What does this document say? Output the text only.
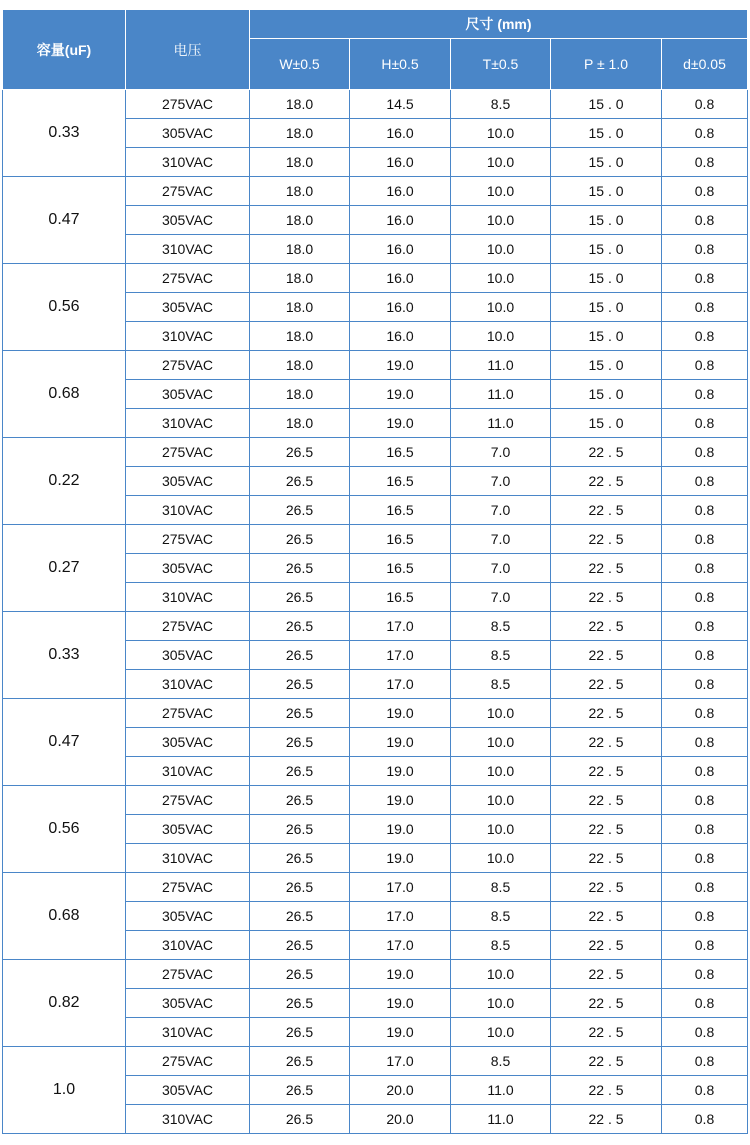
容量(uF)	电压	尺寸 (mm)				
		W±0.5	H±0.5	T±0.5	P ± 1.0	d±0.05
0.33	275VAC	18.0	14.5	8.5	15 . 0	0.8
	305VAC	18.0	16.0	10.0	15 . 0	0.8
	310VAC	18.0	16.0	10.0	15 . 0	0.8
0.47	275VAC	18.0	16.0	10.0	15 . 0	0.8
	305VAC	18.0	16.0	10.0	15 . 0	0.8
	310VAC	18.0	16.0	10.0	15 . 0	0.8
0.56	275VAC	18.0	16.0	10.0	15 . 0	0.8
	305VAC	18.0	16.0	10.0	15 . 0	0.8
	310VAC	18.0	16.0	10.0	15 . 0	0.8
0.68	275VAC	18.0	19.0	11.0	15 . 0	0.8
	305VAC	18.0	19.0	11.0	15 . 0	0.8
	310VAC	18.0	19.0	11.0	15 . 0	0.8
0.22	275VAC	26.5	16.5	7.0	22 . 5	0.8
	305VAC	26.5	16.5	7.0	22 . 5	0.8
	310VAC	26.5	16.5	7.0	22 . 5	0.8
0.27	275VAC	26.5	16.5	7.0	22 . 5	0.8
	305VAC	26.5	16.5	7.0	22 . 5	0.8
	310VAC	26.5	16.5	7.0	22 . 5	0.8
0.33	275VAC	26.5	17.0	8.5	22 . 5	0.8
	305VAC	26.5	17.0	8.5	22 . 5	0.8
	310VAC	26.5	17.0	8.5	22 . 5	0.8
0.47	275VAC	26.5	19.0	10.0	22 . 5	0.8
	305VAC	26.5	19.0	10.0	22 . 5	0.8
	310VAC	26.5	19.0	10.0	22 . 5	0.8
0.56	275VAC	26.5	19.0	10.0	22 . 5	0.8
	305VAC	26.5	19.0	10.0	22 . 5	0.8
	310VAC	26.5	19.0	10.0	22 . 5	0.8
0.68	275VAC	26.5	17.0	8.5	22 . 5	0.8
	305VAC	26.5	17.0	8.5	22 . 5	0.8
	310VAC	26.5	17.0	8.5	22 . 5	0.8
0.82	275VAC	26.5	19.0	10.0	22 . 5	0.8
	305VAC	26.5	19.0	10.0	22 . 5	0.8
	310VAC	26.5	19.0	10.0	22 . 5	0.8
1.0	275VAC	26.5	17.0	8.5	22 . 5	0.8
	305VAC	26.5	20.0	11.0	22 . 5	0.8
	310VAC	26.5	20.0	11.0	22 . 5	0.8
